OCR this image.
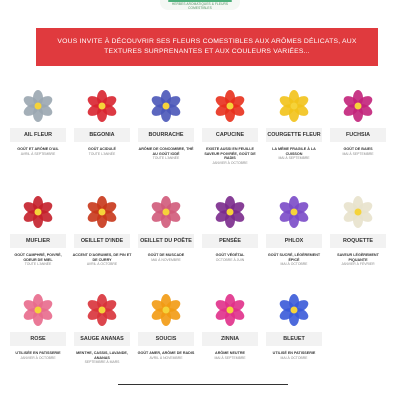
HERBES AROMATIQUES & FLEURS COMESTIBLES
VOUS INVITE À DÉCOUVRIR SES FLEURS COMESTIBLES AUX ARÔMES DÉLICATS, AUX TEXTURES SURPRENANTES ET AUX COULEURS VARIÉES...
AIL FLEUR
GOÛT ET ARÔME D'AIL
AVRIL À SEPTEMBRE
BEGONIA
GOÛT ACIDULÉ
TOUTE L'ANNÉE
BOURRACHE
ARÔME DE CONCOMBRE, THÉ AU GOÛT IODÉ
TOUTE L'ANNÉE
CAPUCINE
EXISTE AUSSI EN FEUILLE SAVEUR POIVRÉE, GOÛT DE RADIS
JANVIER À OCTOBRE
COURGETTE FLEUR
LA MÊME FRAGILE À LA CUISSON
MAI À SEPTEMBRE
FUCHSIA
GOÛT DE BAIES
MAI À SEPTEMBRE
MUFLIER
GOÛT CAMPHRÉ, POIVRÉ, ODEUR DE MIEL
TOUTE L'ANNÉE
OEILLET D'INDE
ACCENT D'AGRUMES, DE PIN ET DE CURRY
AVRIL À OCTOBRE
OEILLET DU POÊTE
GOÛT DE MUSCADE
MAI À NOVEMBRE
PENSÉE
GOÛT VÉGÉTAL
OCTOBRE À JUIN
PHLOX
GOÛT SUCRÉ, LÉGÈREMENT ÉPICÉ
MAI À OCTOBRE
ROQUETTE
SAVEUR LÉGÈREMENT PIQUANTE
JANVIER À FÉVRIER
ROSE
UTILISÉE EN PATISSERIE
JANVIER À OCTOBRE
SAUGE ANANAS
MENTHE, CASSIS, LAVANDE, ANANAS
SEPTEMBRE À MARS
SOUCIS
GOÛT AMER, ARÔME DE RADIS
AVRIL À NOVEMBRE
ZINNIA
ARÔME NEUTRE
MAI À SEPTEMBRE
BLEUET
UTILISÉ EN PATISSERIE
MAI À OCTOBRE
